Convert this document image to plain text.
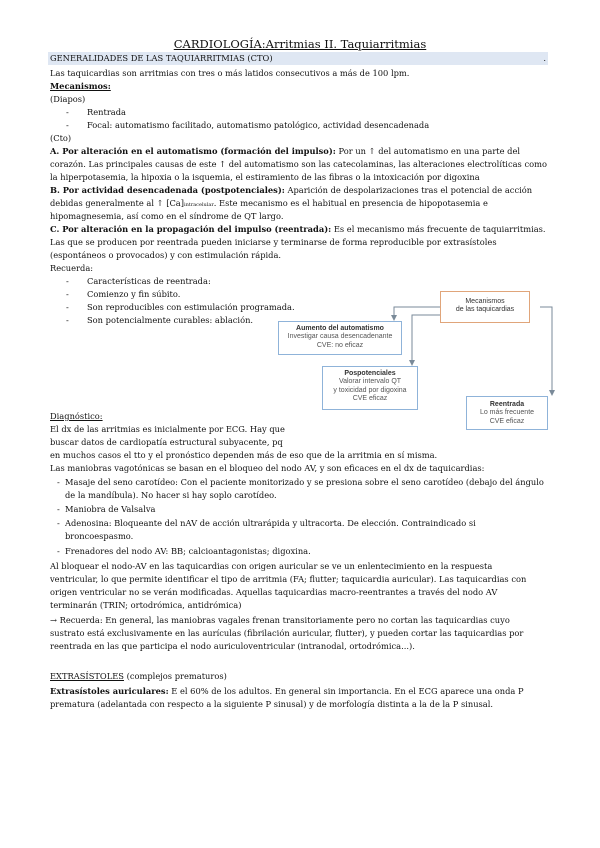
CARDIOLOGÍA:Arritmias II. Taquiarritmias
GENERALIDADES DE LAS TAQUIARRITMIAS (CTO)	.
Las taquicardias son arritmias con tres o más latidos consecutivos a más de 100 lpm.
Mecanismos:
(Diapos)
- Rentrada
- Focal: automatismo facilitado, automatismo patológico, actividad desencadenada
(Cto)
A. Por alteración en el automatismo (formación del impulso): Por un ↑ del automatismo en una parte del
corazón. Las principales causas de este ↑ del automatismo son las catecolaminas, las alteraciones electrolíticas como
la hiperpotasemia, la hipoxia o la isquemia, el estiramiento de las fibras o la intoxicación por digoxina
B. Por actividad desencadenada (postpotenciales): Aparición de despolarizaciones tras el potencial de acción
debidas generalmente al ↑ [Ca]intracelular. Este mecanismo es el habitual en presencia de hipopotasemia e
hipomagnesemia, así como en el síndrome de QT largo.
C. Por alteración en la propagación del impulso (reentrada): Es el mecanismo más frecuente de taquiarritmias.
Las que se producen por reentrada pueden iniciarse y terminarse de forma reproducible por extrasístoles
(espontáneos o provocados) y con estimulación rápida.
Recuerda:
- Características de reentrada:
- Comienzo y fin súbito.
- Son reproducibles con estimulación programada.
- Son potencialmente curables: ablación.
Mecanismos
de las taquicardias
Aumento del automatismo
Investigar causa desencadenante
CVE: no eficaz
Pospotenciales
Valorar intervalo QT
y toxicidad por digoxina
CVE eficaz
Reentrada
Lo más frecuente
CVE eficaz
Diagnóstico:
El dx de las arritmias es inicialmente por ECG. Hay que
buscar datos de cardiopatía estructural subyacente, pq
en muchos casos el tto y el pronóstico dependen más de eso que de la arritmia en sí misma.
Las maniobras vagotónicas se basan en el bloqueo del nodo AV, y son eficaces en el dx de taquicardias:
- Masaje del seno carotídeo: Con el paciente monitorizado y se presiona sobre el seno carotídeo (debajo del ángulo
de la mandíbula). No hacer si hay soplo carotídeo.
- Maniobra de Valsalva
- Adenosina: Bloqueante del nAV de acción ultrarápida y ultracorta. De elección. Contraindicado si
broncoespasmo.
- Frenadores del nodo AV: BB; calcioantagonistas; digoxina.
Al bloquear el nodo-AV en las taquicardias con origen auricular se ve un enlentecimiento en la respuesta
ventricular, lo que permite identificar el tipo de arritmia (FA; flutter; taquicardia auricular). Las taquicardias con
origen ventricular no se verán modificadas. Aquellas taquicardias macro-reentrantes a través del nodo AV
terminarán (TRIN; ortodrómica, antidrómica)
→ Recuerda: En general, las maniobras vagales frenan transitoriamente pero no cortan las taquicardias cuyo
sustrato está exclusivamente en las aurículas (fibrilación auricular, flutter), y pueden cortar las taquicardias por
reentrada en las que participa el nodo auriculoventricular (intranodal, ortodrómica...).
EXTRASÍSTOLES (complejos prematuros)
Extrasístoles auriculares: E el 60% de los adultos. En general sin importancia. En el ECG aparece una onda P
prematura (adelantada con respecto a la siguiente P sinusal) y de morfología distinta a la de la P sinusal.
